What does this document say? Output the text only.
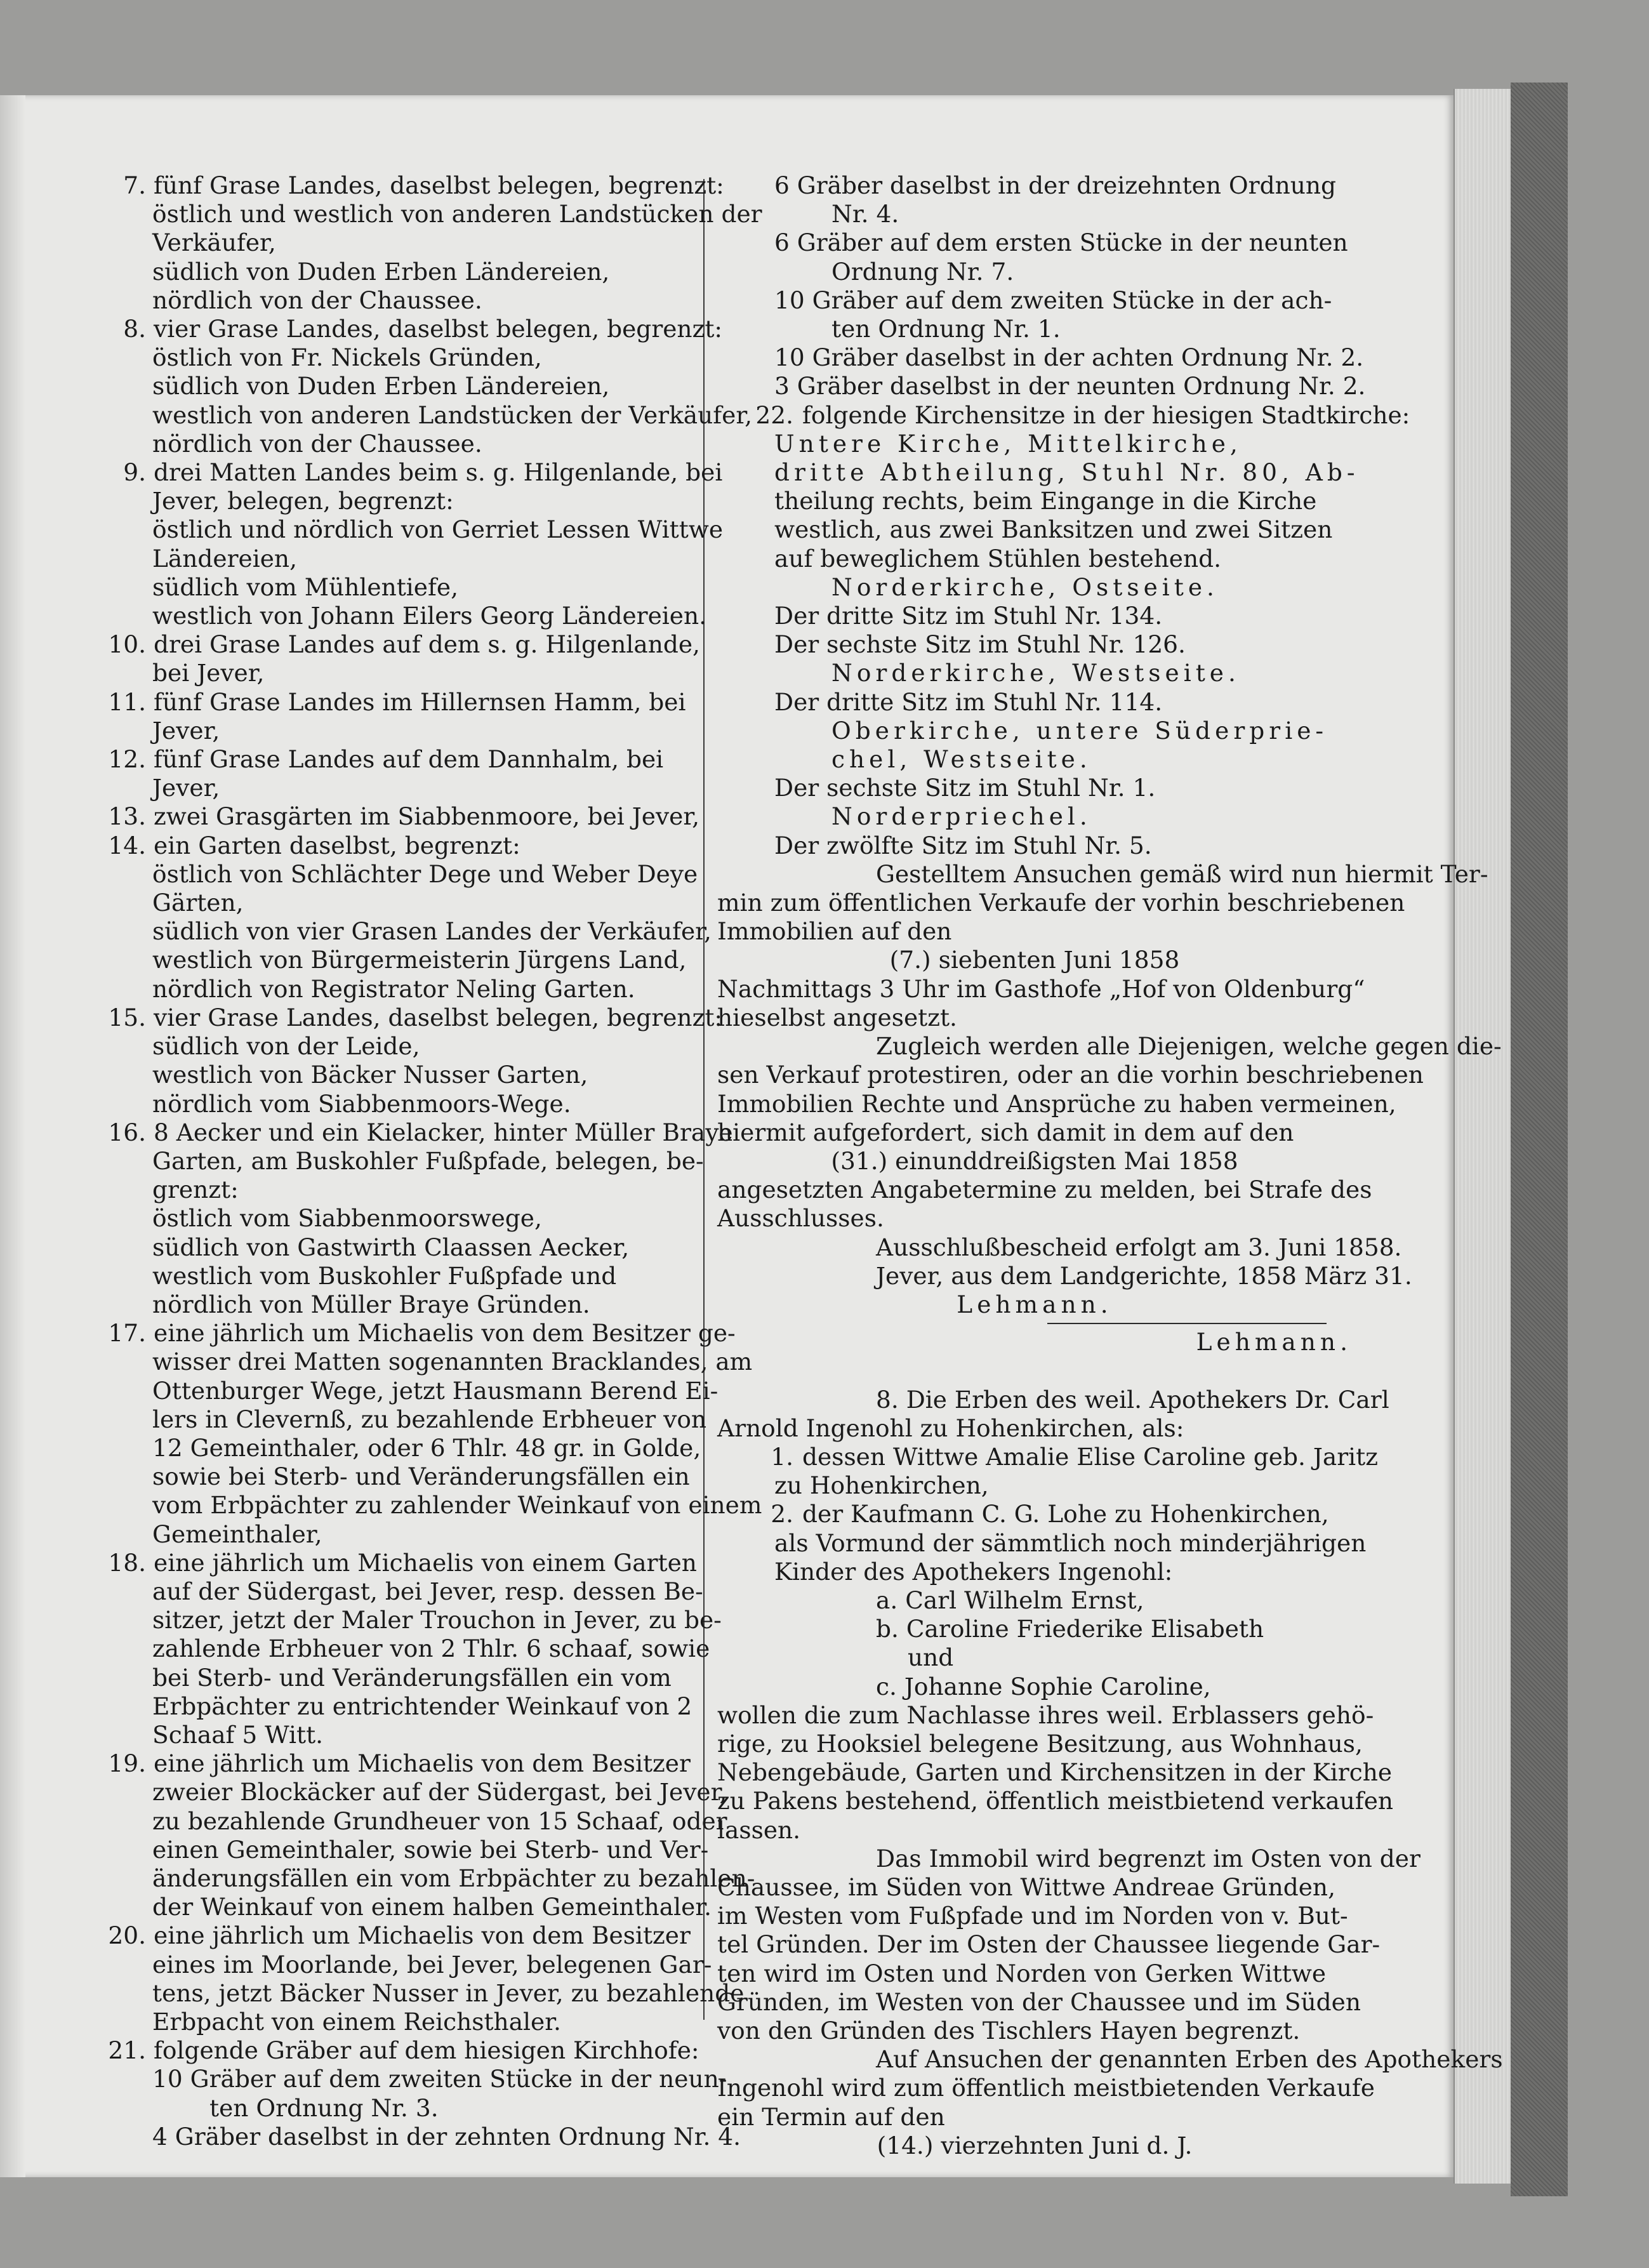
7. fünf Grase Landes, daselbst belegen, begrenzt:
östlich und westlich von anderen Landstücken der
Verkäufer,
südlich von Duden Erben Ländereien,
nördlich von der Chaussee.
8. vier Grase Landes, daselbst belegen, begrenzt:
östlich von Fr. Nickels Gründen,
südlich von Duden Erben Ländereien,
westlich von anderen Landstücken der Verkäufer,
nördlich von der Chaussee.
9. drei Matten Landes beim s. g. Hilgenlande, bei
Jever, belegen, begrenzt:
östlich und nördlich von Gerriet Lessen Wittwe
Ländereien,
südlich vom Mühlentiefe,
westlich von Johann Eilers Georg Ländereien.
10. drei Grase Landes auf dem s. g. Hilgenlande,
bei Jever,
11. fünf Grase Landes im Hillernsen Hamm, bei
Jever,
12. fünf Grase Landes auf dem Dannhalm, bei
Jever,
13. zwei Grasgärten im Siabbenmoore, bei Jever,
14. ein Garten daselbst, begrenzt:
östlich von Schlächter Dege und Weber Deye
Gärten,
südlich von vier Grasen Landes der Verkäufer,
westlich von Bürgermeisterin Jürgens Land,
nördlich von Registrator Neling Garten.
15. vier Grase Landes, daselbst belegen, begrenzt:
südlich von der Leide,
westlich von Bäcker Nusser Garten,
nördlich vom Siabbenmoors-Wege.
16. 8 Aecker und ein Kielacker, hinter Müller Braye
Garten, am Buskohler Fußpfade, belegen, be-
grenzt:
östlich vom Siabbenmoorswege,
südlich von Gastwirth Claassen Aecker,
westlich vom Buskohler Fußpfade und
nördlich von Müller Braye Gründen.
17. eine jährlich um Michaelis von dem Besitzer ge-
wisser drei Matten sogenannten Bracklandes, am
Ottenburger Wege, jetzt Hausmann Berend Ei-
lers in Clevernß, zu bezahlende Erbheuer von
12 Gemeinthaler, oder 6 Thlr. 48 gr. in Golde,
sowie bei Sterb- und Veränderungsfällen ein
vom Erbpächter zu zahlender Weinkauf von einem
Gemeinthaler,
18. eine jährlich um Michaelis von einem Garten
auf der Südergast, bei Jever, resp. dessen Be-
sitzer, jetzt der Maler Trouchon in Jever, zu be-
zahlende Erbheuer von 2 Thlr. 6 schaaf, sowie
bei Sterb- und Veränderungsfällen ein vom
Erbpächter zu entrichtender Weinkauf von 2
Schaaf 5 Witt.
19. eine jährlich um Michaelis von dem Besitzer
zweier Blockäcker auf der Südergast, bei Jever,
zu bezahlende Grundheuer von 15 Schaaf, oder
einen Gemeinthaler, sowie bei Sterb- und Ver-
änderungsfällen ein vom Erbpächter zu bezahlen-
der Weinkauf von einem halben Gemeinthaler.
20. eine jährlich um Michaelis von dem Besitzer
eines im Moorlande, bei Jever, belegenen Gar-
tens, jetzt Bäcker Nusser in Jever, zu bezahlende
Erbpacht von einem Reichsthaler.
21. folgende Gräber auf dem hiesigen Kirchhofe:
10 Gräber auf dem zweiten Stücke in der neun-
ten Ordnung Nr. 3.
4 Gräber daselbst in der zehnten Ordnung Nr. 4.
6 Gräber daselbst in der dreizehnten Ordnung
Nr. 4.
6 Gräber auf dem ersten Stücke in der neunten
Ordnung Nr. 7.
10 Gräber auf dem zweiten Stücke in der ach-
ten Ordnung Nr. 1.
10 Gräber daselbst in der achten Ordnung Nr. 2.
3 Gräber daselbst in der neunten Ordnung Nr. 2.
22. folgende Kirchensitze in der hiesigen Stadtkirche:
Untere Kirche, Mittelkirche,
dritte Abtheilung, Stuhl Nr. 80, Ab-
theilung rechts, beim Eingange in die Kirche
westlich, aus zwei Banksitzen und zwei Sitzen
auf beweglichem Stühlen bestehend.
Norderkirche, Ostseite.
Der dritte Sitz im Stuhl Nr. 134.
Der sechste Sitz im Stuhl Nr. 126.
Norderkirche, Westseite.
Der dritte Sitz im Stuhl Nr. 114.
Oberkirche, untere Süderprie-
chel, Westseite.
Der sechste Sitz im Stuhl Nr. 1.
Norderpriechel.
Der zwölfte Sitz im Stuhl Nr. 5.
Gestelltem Ansuchen gemäß wird nun hiermit Ter-
min zum öffentlichen Verkaufe der vorhin beschriebenen
Immobilien auf den
(7.) siebenten Juni 1858
Nachmittags 3 Uhr im Gasthofe „Hof von Oldenburg“
hieselbst angesetzt.
Zugleich werden alle Diejenigen, welche gegen die-
sen Verkauf protestiren, oder an die vorhin beschriebenen
Immobilien Rechte und Ansprüche zu haben vermeinen,
hiermit aufgefordert, sich damit in dem auf den
(31.) einunddreißigsten Mai 1858
angesetzten Angabetermine zu melden, bei Strafe des
Ausschlusses.
Ausschlußbescheid erfolgt am 3. Juni 1858.
Jever, aus dem Landgerichte, 1858 März 31.
Lehmann.
Lehmann.

8. Die Erben des weil. Apothekers Dr. Carl
Arnold Ingenohl zu Hohenkirchen, als:
1. dessen Wittwe Amalie Elise Caroline geb. Jaritz
zu Hohenkirchen,
2. der Kaufmann C. G. Lohe zu Hohenkirchen,
als Vormund der sämmtlich noch minderjährigen
Kinder des Apothekers Ingenohl:
a. Carl Wilhelm Ernst,
b. Caroline Friederike Elisabeth
und
c. Johanne Sophie Caroline,
wollen die zum Nachlasse ihres weil. Erblassers gehö-
rige, zu Hooksiel belegene Besitzung, aus Wohnhaus,
Nebengebäude, Garten und Kirchensitzen in der Kirche
zu Pakens bestehend, öffentlich meistbietend verkaufen
lassen.
Das Immobil wird begrenzt im Osten von der
Chaussee, im Süden von Wittwe Andreae Gründen,
im Westen vom Fußpfade und im Norden von v. But-
tel Gründen. Der im Osten der Chaussee liegende Gar-
ten wird im Osten und Norden von Gerken Wittwe
Gründen, im Westen von der Chaussee und im Süden
von den Gründen des Tischlers Hayen begrenzt.
Auf Ansuchen der genannten Erben des Apothekers
Ingenohl wird zum öffentlich meistbietenden Verkaufe
ein Termin auf den
(14.) vierzehnten Juni d. J.
